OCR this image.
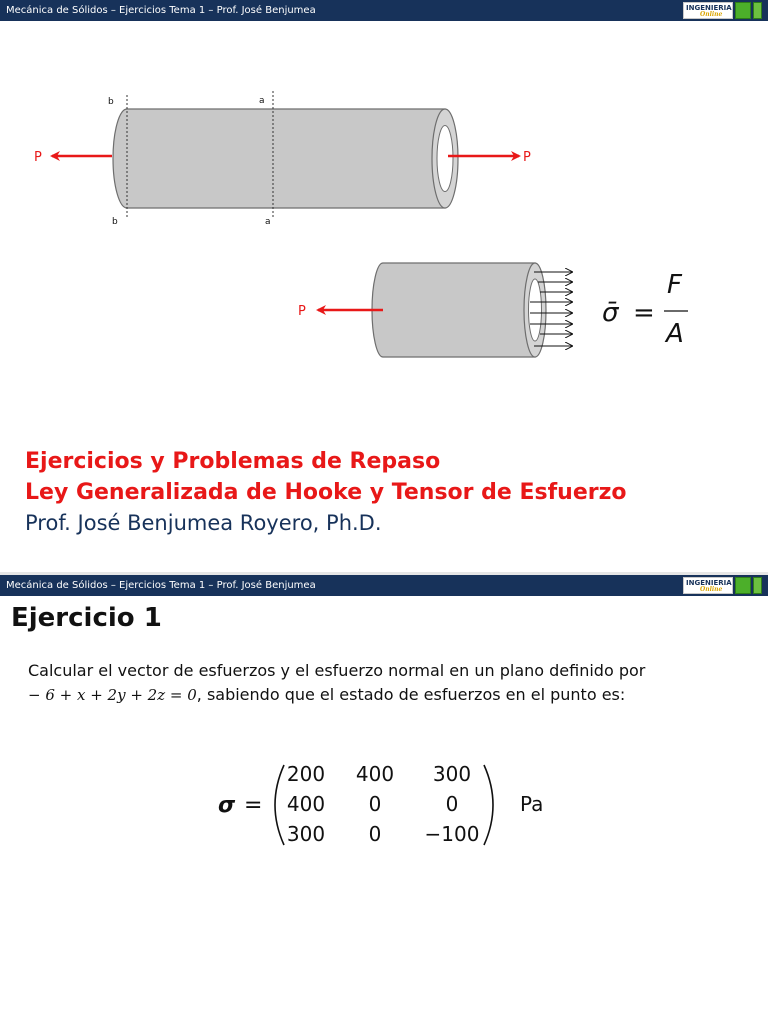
Mecánica de Sólidos – Ejercicios Tema 1 – Prof. José Benjumea	INGENIERIA
Online
b	a
b	a
P	P
P	σ̄ =
F
A
Ejercicios y Problemas de Repaso
Ley Generalizada de Hooke y Tensor de Esfuerzo
Prof. José Benjumea Royero, Ph.D.
Mecánica de Sólidos – Ejercicios Tema 1 – Prof. José Benjumea	INGENIERIA
Online
Ejercicio 1
Calcular el vector de esfuerzos y el esfuerzo normal en un plano definido por
− 6 + x + 2y + 2z = 0, sabiendo que el estado de esfuerzos en el punto es:
σ =
200 400 300
400 0	0
300 0 −100
Pa
